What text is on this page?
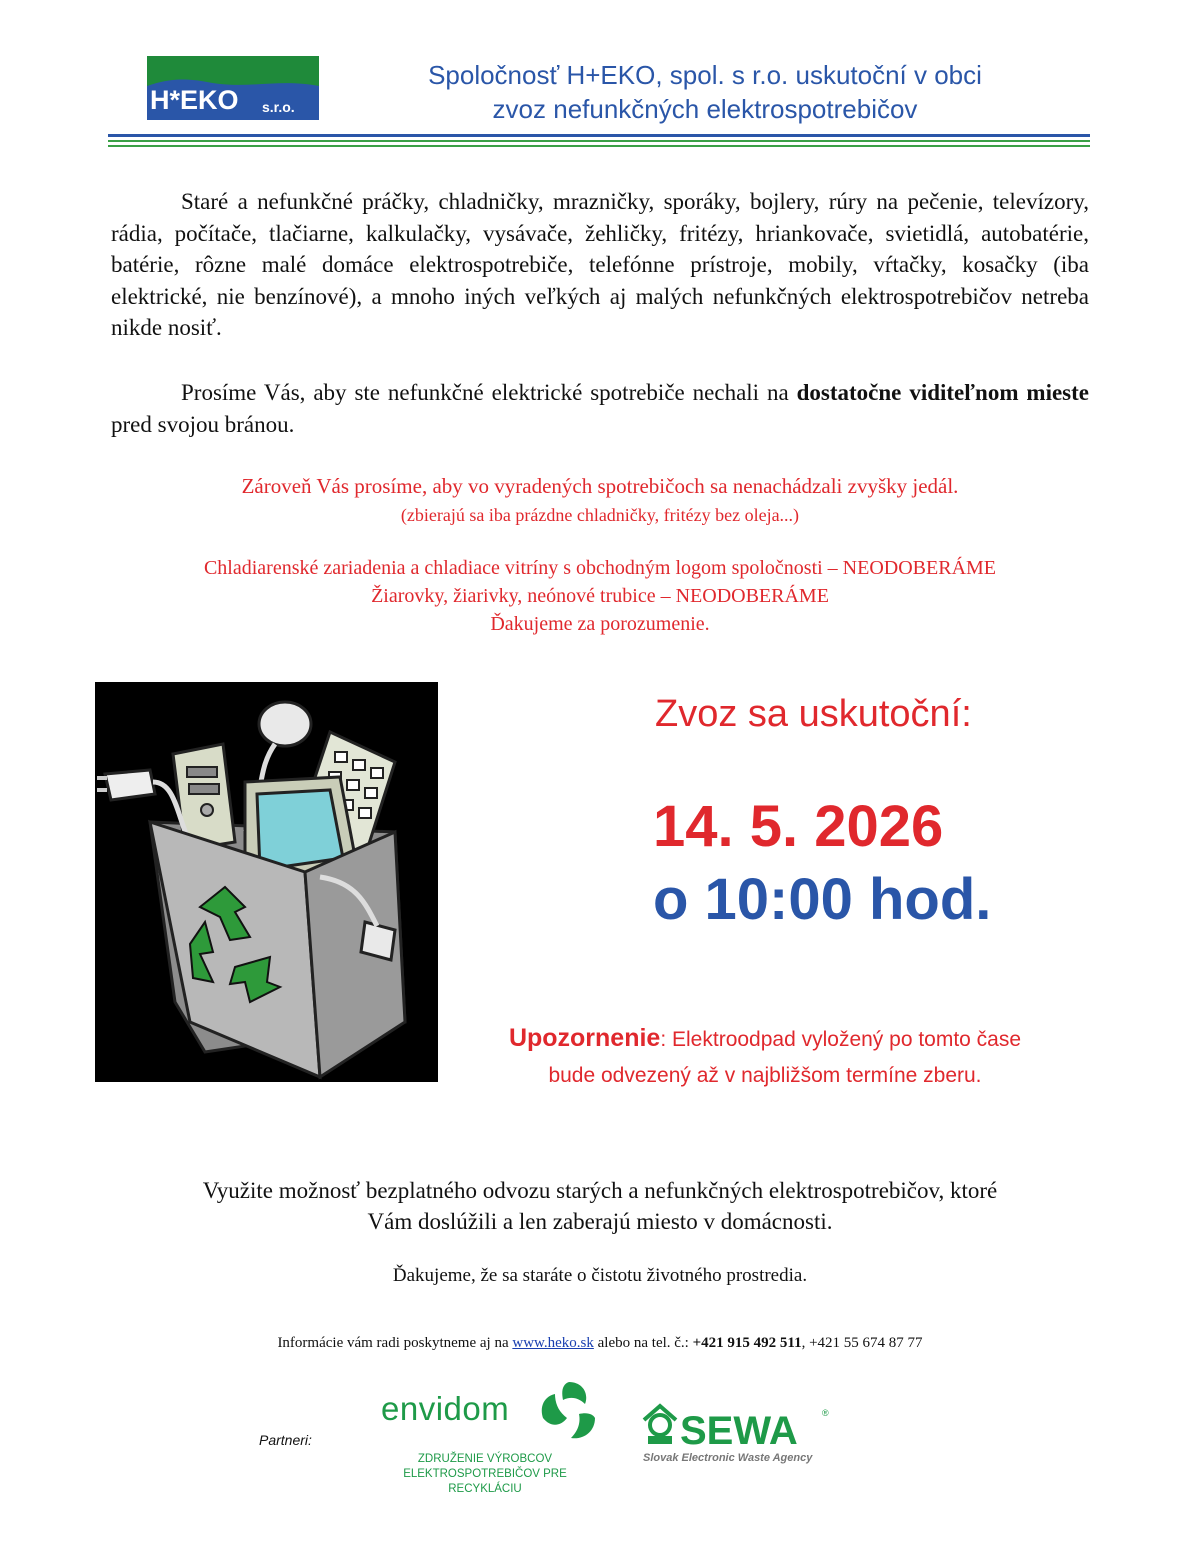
H*EKO s.r.o.
Spoločnosť H+EKO, spol. s r.o. uskutoční v obci
zvoz nefunkčných elektrospotrebičov
Staré a nefunkčné práčky, chladničky, mrazničky, sporáky, bojlery, rúry na pečenie, televízory, rádia, počítače, tlačiarne, kalkulačky, vysávače, žehličky, fritézy, hriankovače, svietidlá, autobatérie, batérie, rôzne malé domáce elektrospotrebiče, telefónne prístroje, mobily, vŕtačky, kosačky (iba elektrické, nie benzínové), a mnoho iných veľkých aj malých nefunkčných elektrospotrebičov netreba nikde nosiť.
Prosíme Vás, aby ste nefunkčné elektrické spotrebiče nechali na dostatočne viditeľnom mieste pred svojou bránou.
Zároveň Vás prosíme, aby vo vyradených spotrebičoch sa nenachádzali zvyšky jedál.
(zbierajú sa iba prázdne chladničky, fritézy bez oleja...)
Chladiarenské zariadenia a chladiace vitríny s obchodným logom spoločnosti – NEODOBERÁME
Žiarovky, žiarivky, neónové trubice – NEODOBERÁME
Ďakujeme za porozumenie.
Zvoz sa uskutoční:
14. 5. 2026
o 10:00 hod.
Upozornenie: Elektroodpad vyložený po tomto čase
bude odvezený až v najbližšom termíne zberu.
Využite možnosť bezplatného odvozu starých a nefunkčných elektrospotrebičov, ktoré
Vám doslúžili a len zaberajú miesto v domácnosti.
Ďakujeme, že sa staráte o čistotu životného prostredia.
Informácie vám radi poskytneme aj na www.heko.sk alebo na tel. č.: +421 915 492 511, +421 55 674 87 77
Partneri:
envidom
ZDRUŽENIE VÝROBCOV
ELEKTROSPOTREBIČOV PRE RECYKLÁCIU
SEWA	®
Slovak Electronic Waste Agency
